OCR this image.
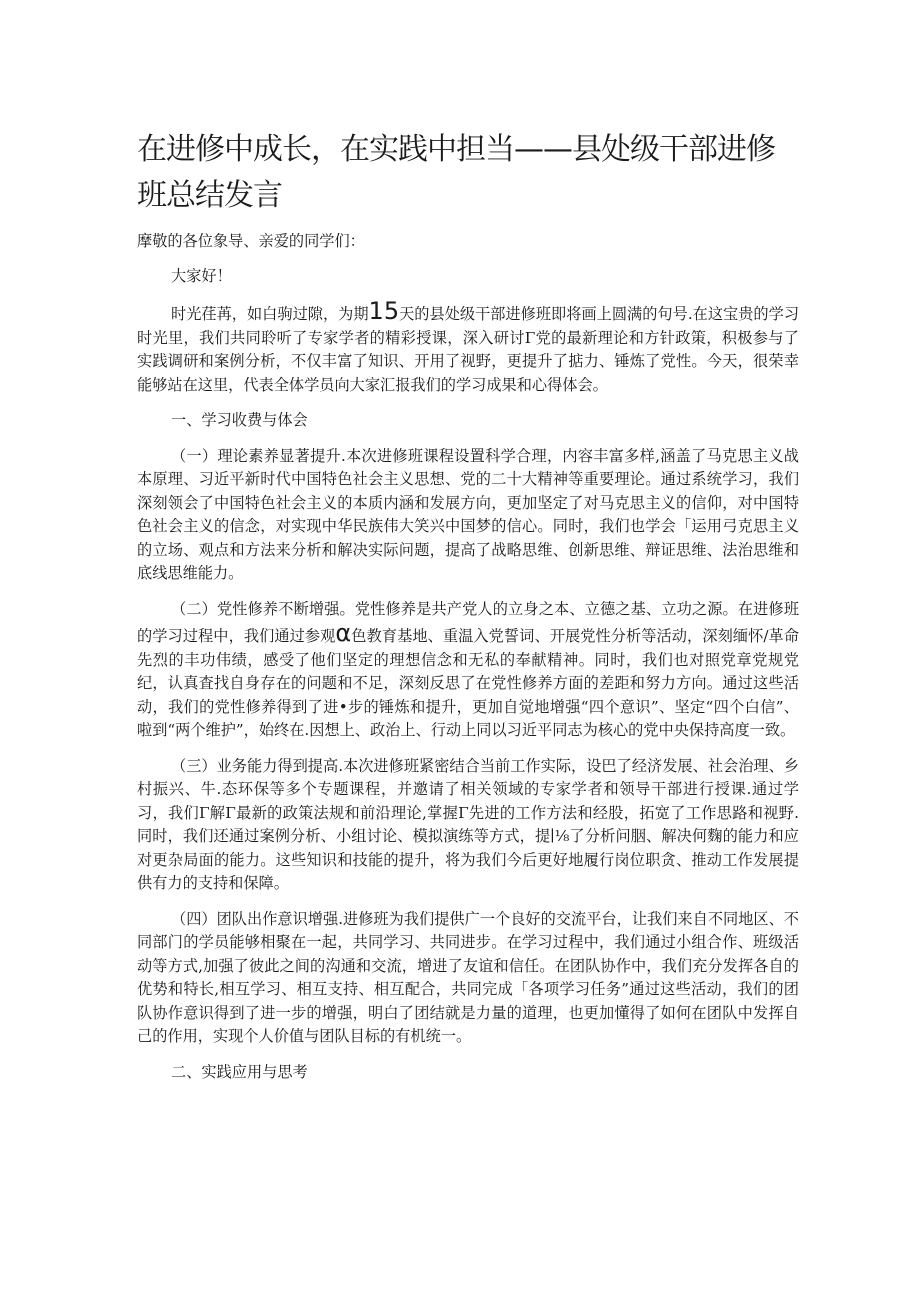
在进修中成长，在实践中担当——县处级干部进修班总结发言

摩敬的各位象导、亲爱的同学们：

大家好！

时光荏苒，如白驹过隙，为期15天的县处级干部进修班即将画上圆满的句号.在这宝贵的学习时光里，我们共同聆听了专家学者的精彩授课，深入研讨Γ党的最新理论和方针政策，积极参与了实践调研和案例分析，不仅丰富了知识、开用了视野，更提升了掂力、锤炼了党性。今天，很荣幸能够站在这里，代表全体学员向大家汇报我们的学习成果和心得体会。

一、学习收费与体会

（一）理论素养显著提升.本次进修班课程设置科学合理，内容丰富多样,涵盖了马克思主义战本原理、习近平新时代中国特色社会主义思想、党的二十大精神等重要理论。通过系统学习，我们深刻领会了中国特色社会主义的本质内涵和发展方向，更加坚定了对马克思主义的信仰，对中国特色社会主义的信念，对实现中华民族伟大笑兴中国梦的信心。同时，我们也学会「运用弓克思主义的立场、观点和方法来分析和解决实际问题，提高了战略思维、创新思维、辩证思维、法治思维和底线思维能力。

（二）党性修养不断增强。党性修养是共产党人的立身之本、立德之基、立功之源。在进修班的学习过程中，我们通过参观α色教育基地、重温入党誓词、开展党性分析等活动，深刻缅怀/革命先烈的丰功伟绩，感受了他们坚定的理想信念和无私的奉献精神。同时，我们也对照党章党规党纪，认真査找自身存在的问题和不足，深刻反思了在党性修养方面的差距和努力方向。通过这些活动，我们的党性修养得到了进•步的锤炼和提升，更加自觉地增强“四个意识”、坚定“四个白信”、啦到“两个维护”，始终在.因想上、政治上、行动上同以习近平同志为核心的党中央保持高度一致。

（三）业务能力得到提高.本次进修班紧密结合当前工作实际，设巴了经济发展、社会治理、乡村振兴、牛.态环保等多个专题课程，并邀请了相关领域的专家学者和领导干部进行授课.通过学习，我们Γ解Γ最新的政策法规和前沿理论,掌握Γ先进的工作方法和经股，拓宽了工作思路和视野.同时，我们还通过案例分析、小组讨论、模拟演练等方式，提∣⅛了分析问胭、解决何麴的能力和应对更杂局面的能力。这些知识和技能的提升，将为我们今后更好地履行岗位职贪、推动工作发展提供有力的支持和保障。

（四）团队出作意识增强.进修班为我们提供广一个良好的交流平台，让我们来自不同地区、不同部门的学员能够相聚在一起，共同学习、共同进步。在学习过程中，我们通过小组合作、班级活动等方式,加强了彼此之间的沟通和交流，增进了友谊和信任。在团队协作中，我们充分发挥各自的优势和特长,相互学习、相互支持、相互配合，共同完成「各项学习任务”通过这些活动，我们的团队协作意识得到了进一步的增强，明白了团结就是力量的道理，也更加懂得了如何在团队中发挥自己的作用，实现个人价值与团队目标的有机统一。

二、实践应用与思考
